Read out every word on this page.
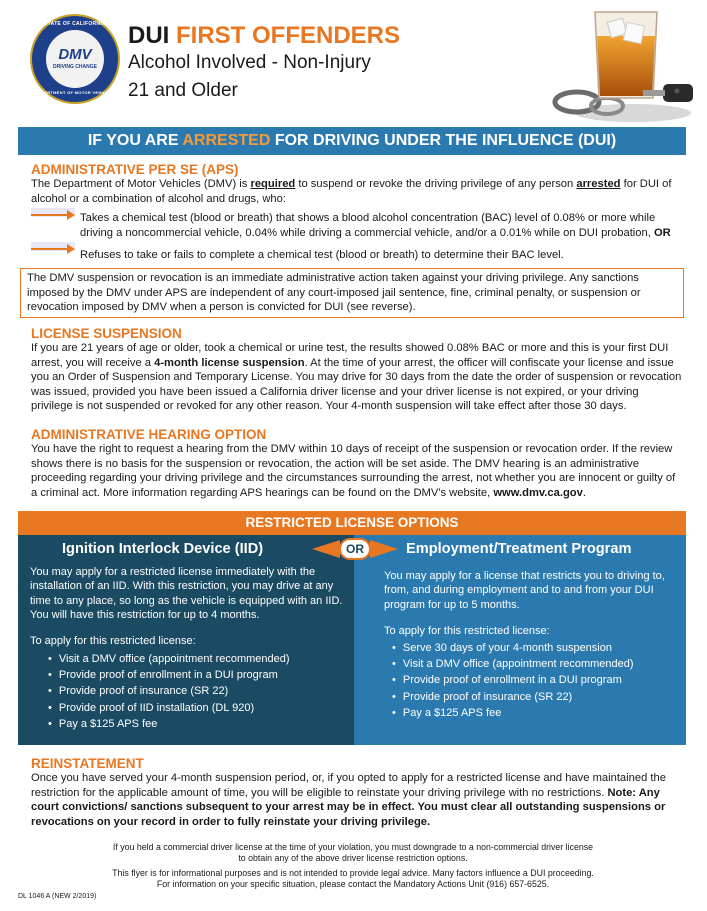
STATE OF CALIFORNIA
DMV
DRIVING CHANGE
DEPARTMENT OF MOTOR VEHICLES
DUI FIRST OFFENDERS
Alcohol Involved - Non-Injury
21 and Older
IF YOU ARE ARRESTED FOR DRIVING UNDER THE INFLUENCE (DUI)
ADMINISTRATIVE PER SE (APS)
The Department of Motor Vehicles (DMV) is required to suspend or revoke the driving privilege of any person arrested for DUI of alcohol or a combination of alcohol and drugs, who:
Takes a chemical test (blood or breath) that shows a blood alcohol concentration (BAC) level of 0.08% or more while driving a noncommercial vehicle, 0.04% while driving a commercial vehicle, and/or a 0.01% while on DUI probation, OR
Refuses to take or fails to complete a chemical test (blood or breath) to determine their BAC level.
The DMV suspension or revocation is an immediate administrative action taken against your driving privilege. Any sanctions imposed by the DMV under APS are independent of any court-imposed jail sentence, fine, criminal penalty, or suspension or revocation imposed by DMV when a person is convicted for DUI (see reverse).
LICENSE SUSPENSION
If you are 21 years of age or older, took a chemical or urine test, the results showed 0.08% BAC or more and this is your first DUI arrest, you will receive a 4-month license suspension. At the time of your arrest, the officer will confiscate your license and issue you an Order of Suspension and Temporary License. You may drive for 30 days from the date the order of suspension or revocation was issued, provided you have been issued a California driver license and your driver license is not expired, or your driving privilege is not suspended or revoked for any other reason. Your 4-month suspension will take effect after those 30 days.
ADMINISTRATIVE HEARING OPTION
You have the right to request a hearing from the DMV within 10 days of receipt of the suspension or revocation order. If the review shows there is no basis for the suspension or revocation, the action will be set aside. The DMV hearing is an administrative proceeding regarding your driving privilege and the circumstances surrounding the arrest, not whether you are innocent or guilty of a criminal act. More information regarding APS hearings can be found on the DMV's website, www.dmv.ca.gov.
RESTRICTED LICENSE OPTIONS
Ignition Interlock Device (IID)
You may apply for a restricted license immediately with the installation of an IID. With this restriction, you may drive at any time to any place, so long as the vehicle is equipped with an IID. You will have this restriction for up to 4 months.
To apply for this restricted license:
• Visit a DMV office (appointment recommended)
• Provide proof of enrollment in a DUI program
• Provide proof of insurance (SR 22)
• Provide proof of IID installation (DL 920)
• Pay a $125 APS fee
Employment/Treatment Program
You may apply for a license that restricts you to driving to, from, and during employment and to and from your DUI program for up to 5 months.
To apply for this restricted license:
• Serve 30 days of your 4-month suspension
• Visit a DMV office (appointment recommended)
• Provide proof of enrollment in a DUI program
• Provide proof of insurance (SR 22)
• Pay a $125 APS fee
OR
REINSTATEMENT
Once you have served your 4-month suspension period, or, if you opted to apply for a restricted license and have maintained the restriction for the applicable amount of time, you will be eligible to reinstate your driving privilege with no restrictions. Note: Any court convictions/ sanctions subsequent to your arrest may be in effect. You must clear all outstanding suspensions or revocations on your record in order to fully reinstate your driving privilege.
If you held a commercial driver license at the time of your violation, you must downgrade to a non-commercial driver license
to obtain any of the above driver license restriction options.
This flyer is for informational purposes and is not intended to provide legal advice. Many factors influence a DUI proceeding.
For information on your specific situation, please contact the Mandatory Actions Unit (916) 657-6525.
DL 1046 A (NEW 2/2019)
